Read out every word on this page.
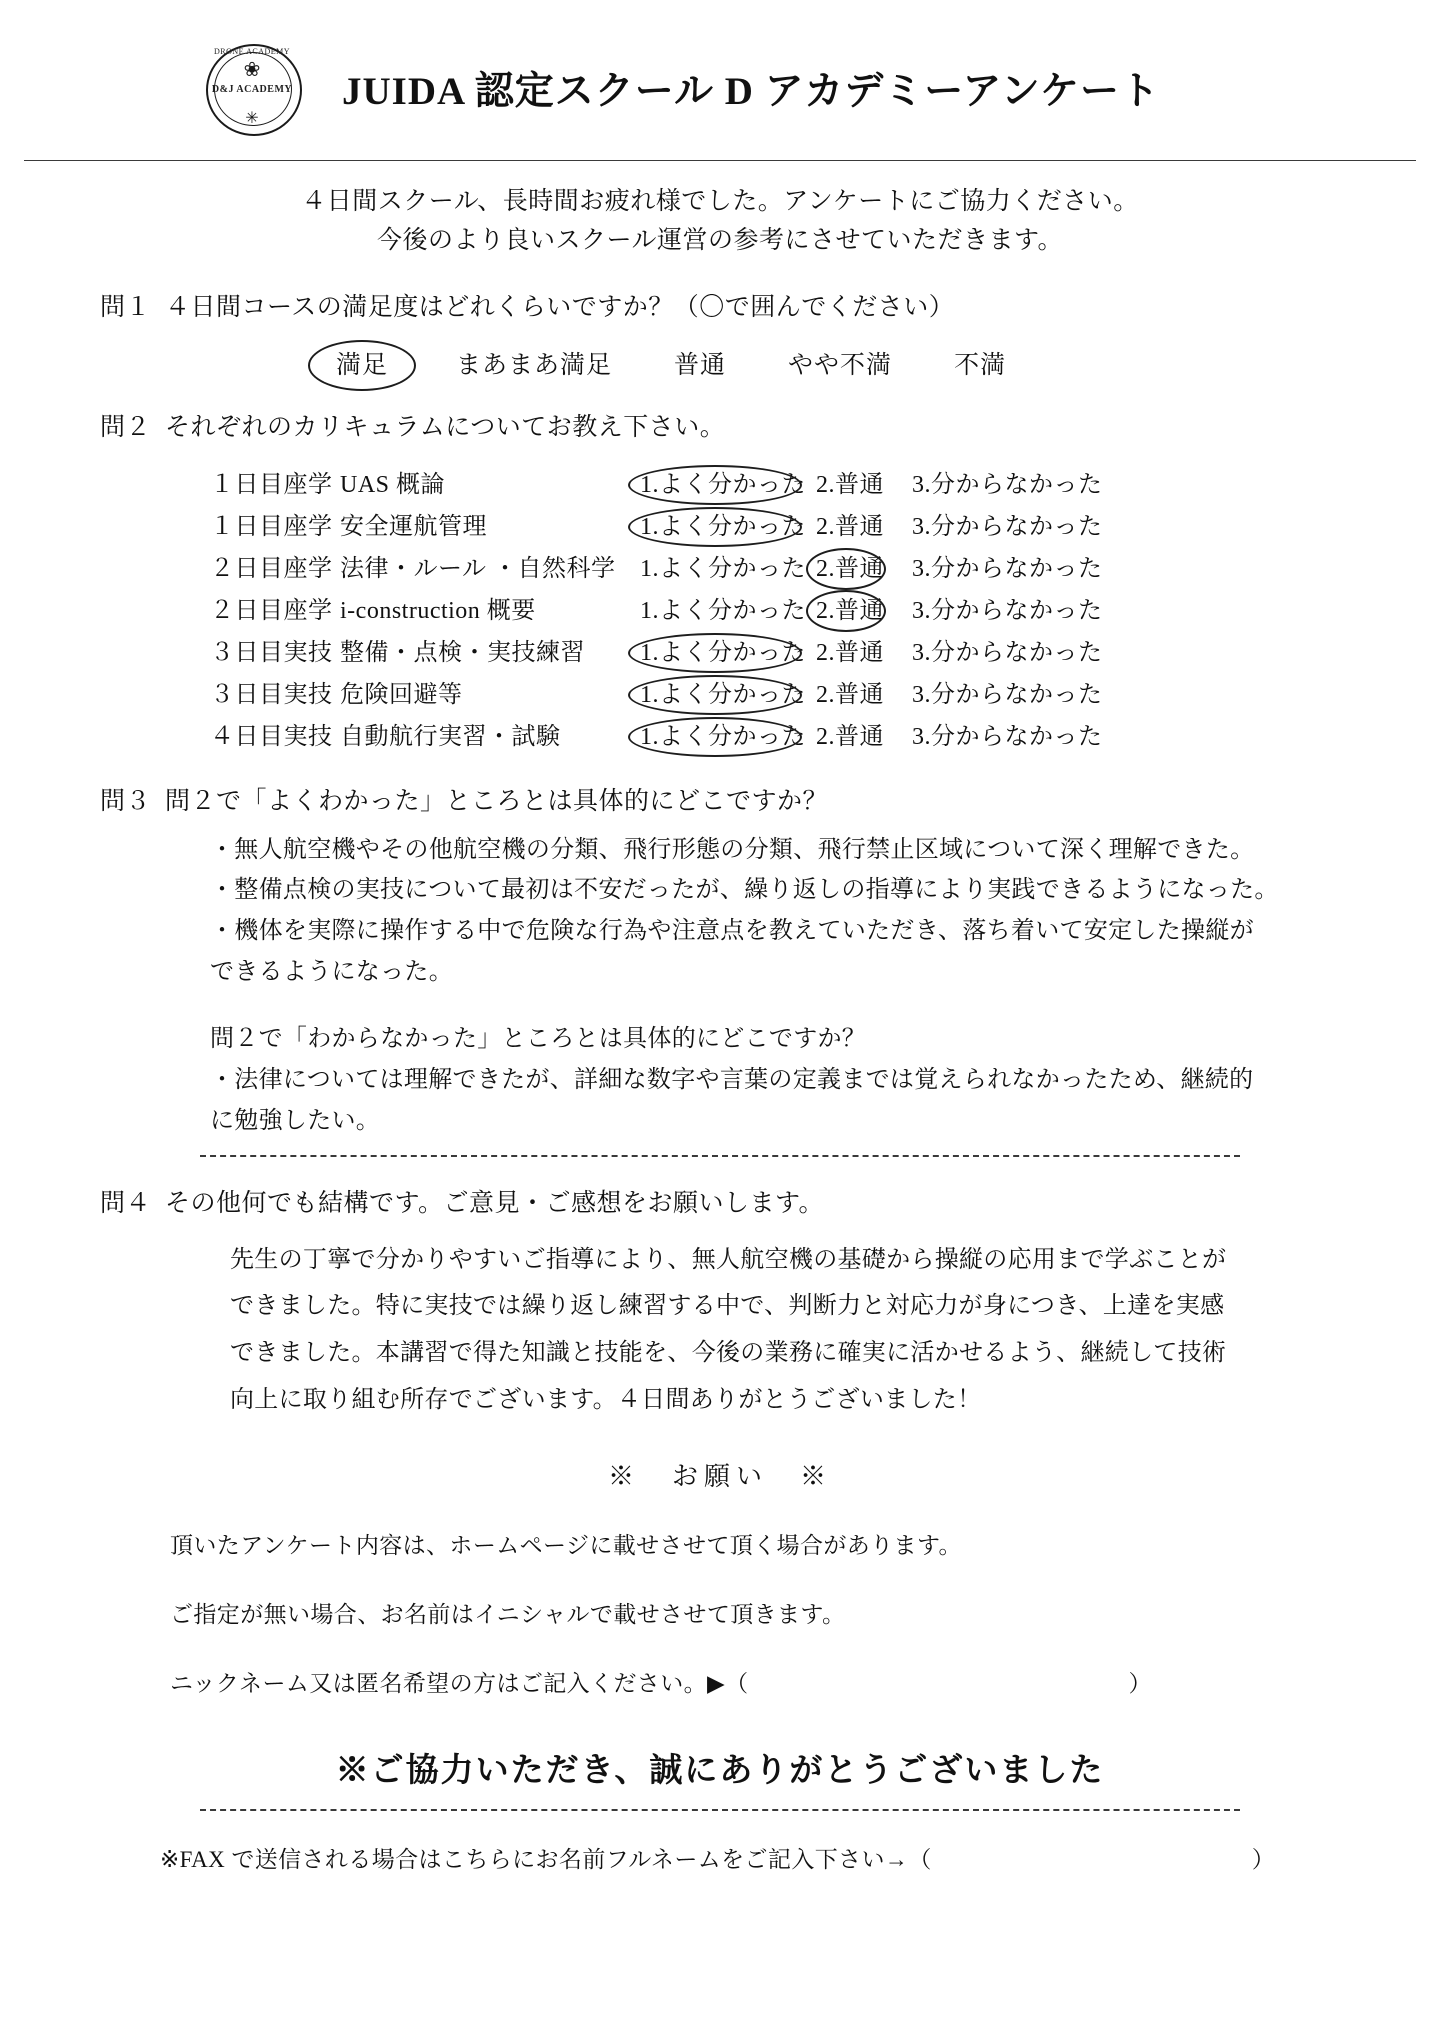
DRONE ACADEMY
❀
D&J ACADEMY
✳
JUIDA 認定スクール D アカデミーアンケート
４日間スクール、長時間お疲れ様でした。アンケートにご協力ください。
今後のより良いスクール運営の参考にさせていただきます。
問１ ４日間コースの満足度はどれくらいですか？（〇で囲んでください）
満足	まあまあ満足 普通 やや不満 不満
問２ それぞれのカリキュラムについてお教え下さい。
１日目座学 UAS 概論	1.よく分かった 2.普通	3.分からなかった
１日目座学 安全運航管理	1.よく分かった 2.普通	3.分からなかった
２日目座学 法律・ルール ・自然科学	1.よく分かった 2.普通	3.分からなかった
２日目座学 i-construction 概要	1.よく分かった 2.普通	3.分からなかった
３日目実技 整備・点検・実技練習	1.よく分かった 2.普通	3.分からなかった
３日目実技 危険回避等	1.よく分かった 2.普通	3.分からなかった
４日目実技 自動航行実習・試験	1.よく分かった 2.普通	3.分からなかった
問３ 問２で「よくわかった」ところとは具体的にどこですか？

・無人航空機やその他航空機の分類、飛行形態の分類、飛行禁止区域について深く理解できた。

・整備点検の実技について最初は不安だったが、繰り返しの指導により実践できるようになった。

・機体を実際に操作する中で危険な行為や注意点を教えていただき、落ち着いて安定した操縦が

できるようになった。

問２で「わからなかった」ところとは具体的にどこですか？

・法律については理解できたが、詳細な数字や言葉の定義までは覚えられなかったため、継続的

に勉強したい。

問４ その他何でも結構です。ご意見・ご感想をお願いします。
先生の丁寧で分かりやすいご指導により、無人航空機の基礎から操縦の応用まで学ぶことが
できました。特に実技では繰り返し練習する中で、判断力と対応力が身につき、上達を実感
できました。本講習で得た知識と技能を、今後の業務に確実に活かせるよう、継続して技術
向上に取り組む所存でございます。４日間ありがとうございました！
※　お願い　※

頂いたアンケート内容は、ホームページに載せさせて頂く場合があります。

ご指定が無い場合、お名前はイニシャルで載せさせて頂きます。

ニックネーム又は匿名希望の方はご記入ください。▶（	）

※ご協力いただき、誠にありがとうございました
※FAX で送信される場合はこちらにお名前フルネームをご記入下さい→（	）
